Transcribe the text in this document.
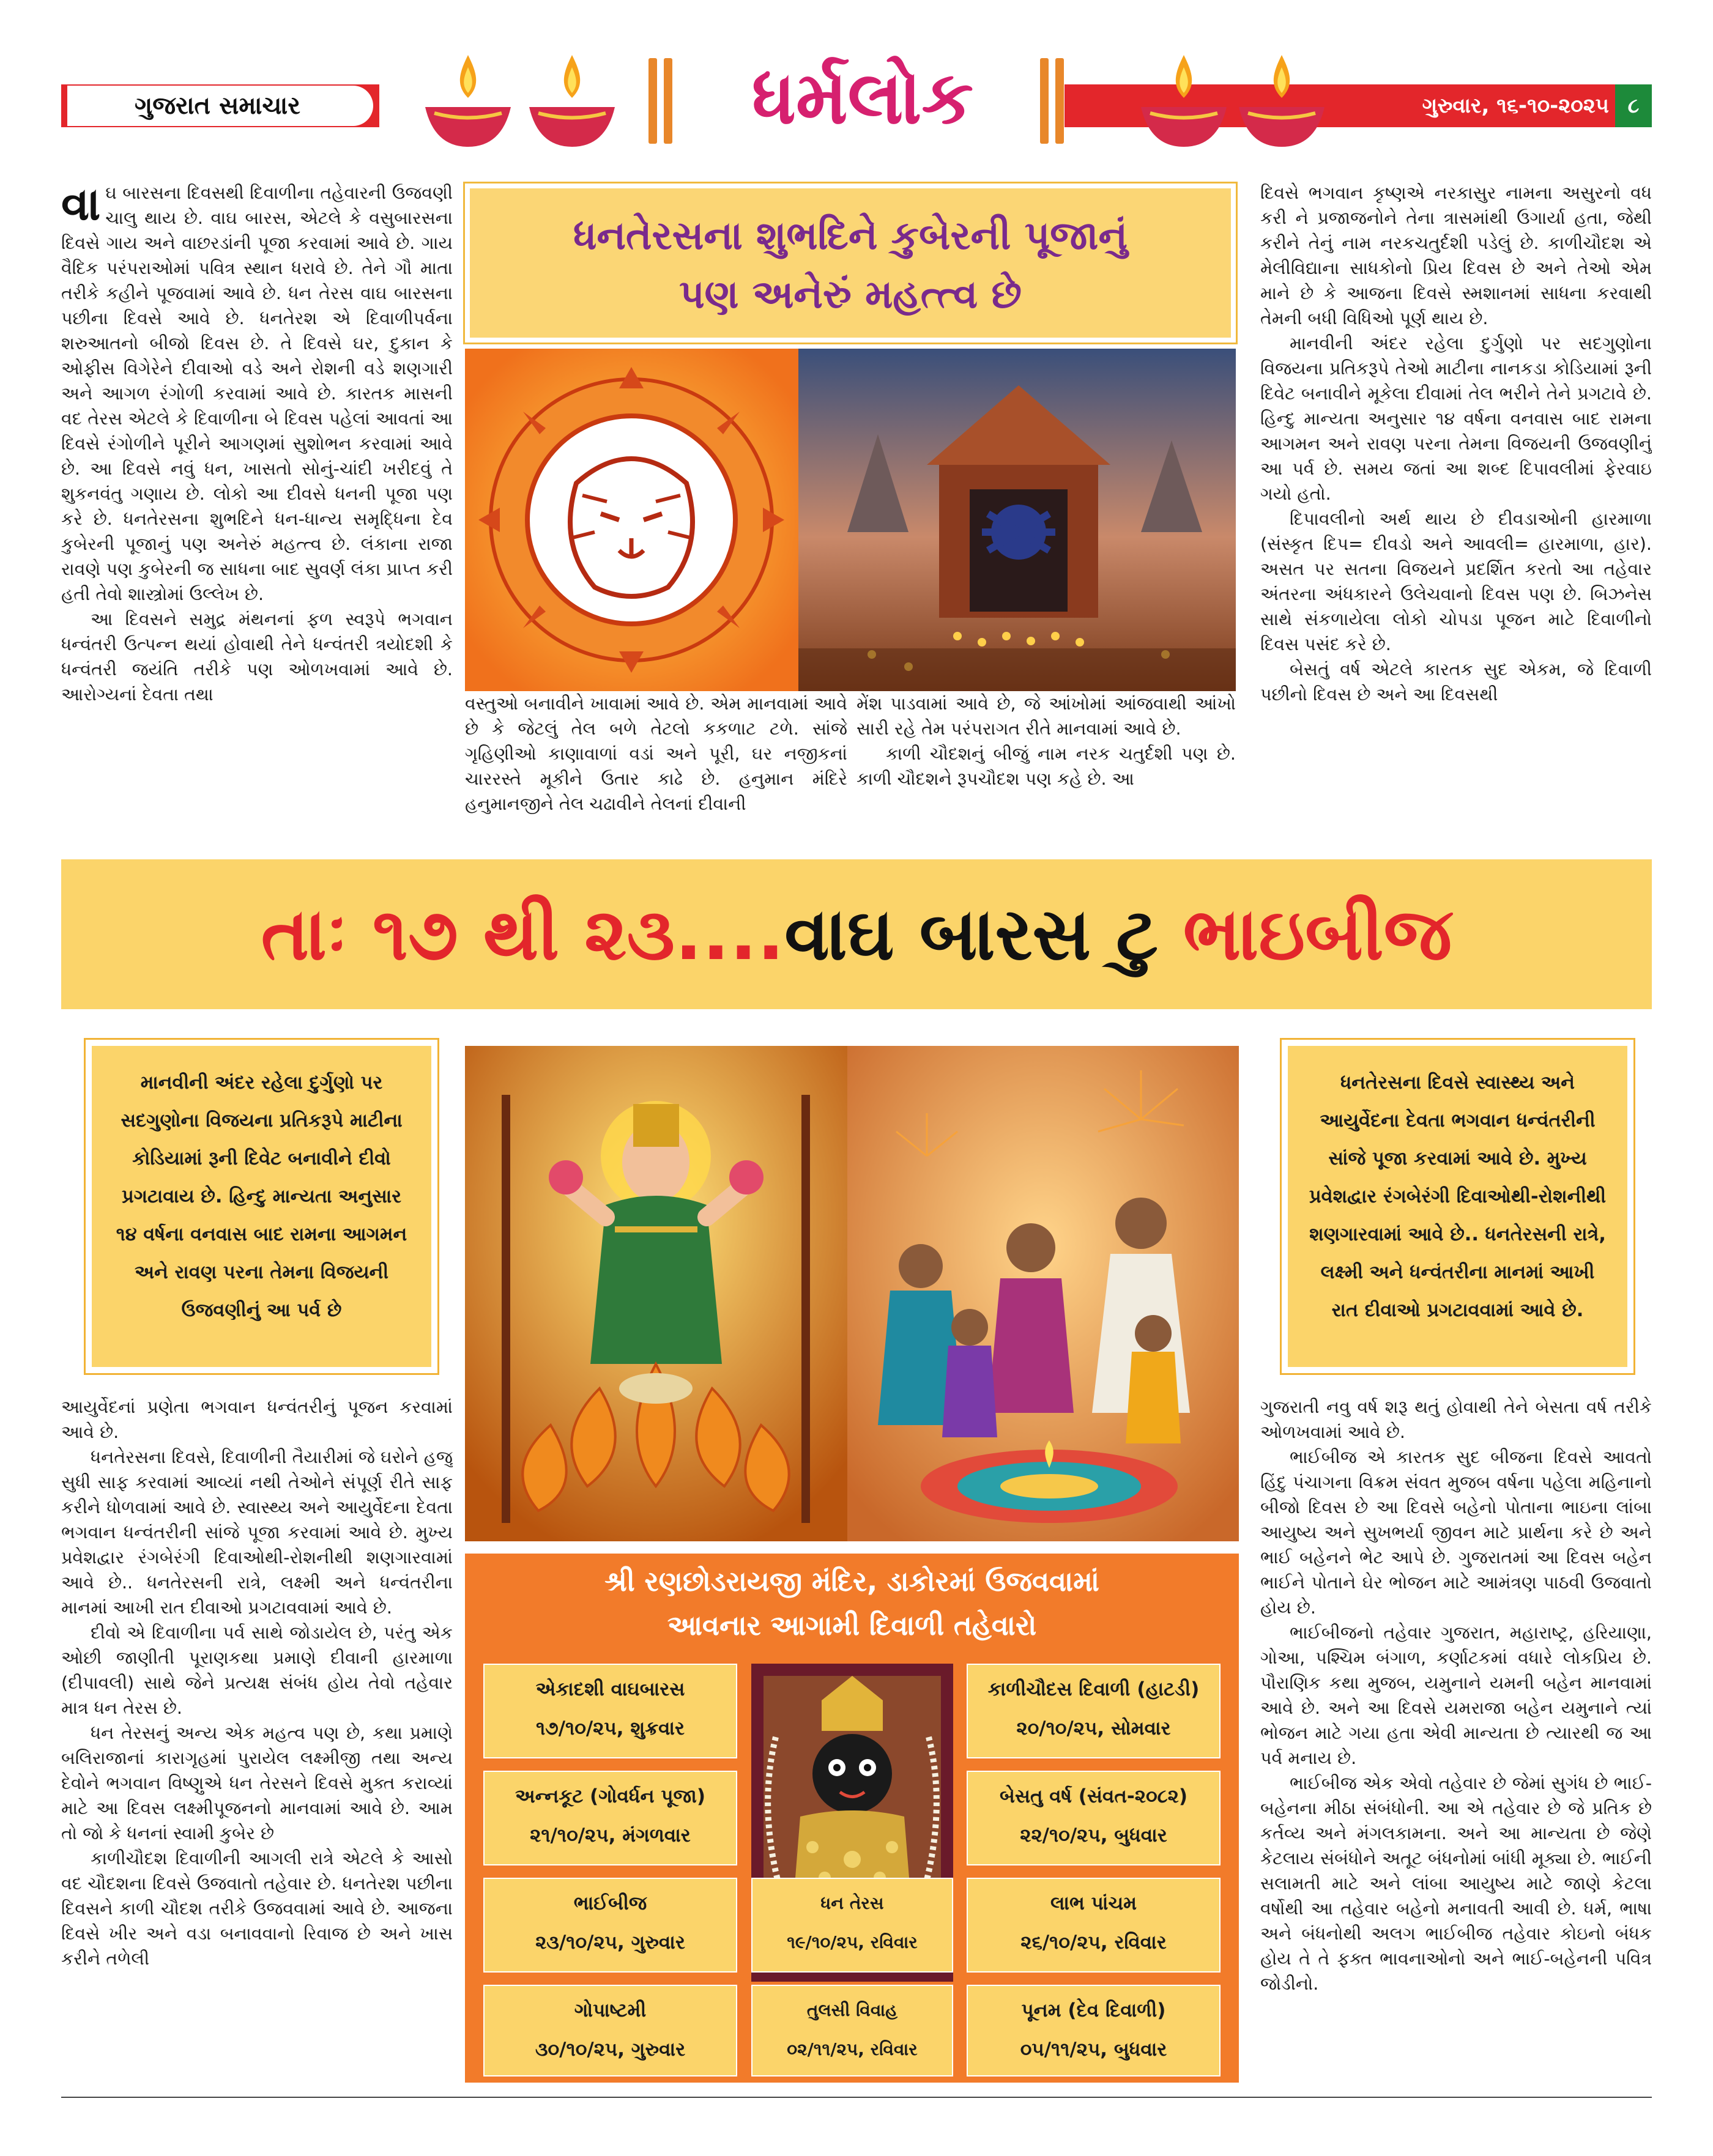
ગુજરાત સમાચાર	ધર્મલોક	ગુરુવાર, ૧૬-૧૦-૨૦૨૫ ૮

વાઘ બારસના દિવસથી દિવાળીના તહેવારની ઉજવણી ચાલુ થાય છે. વાઘ બારસ, એટલે કે વસુબારસના દિવસે ગાય અને વાછરડાંની પૂજા કરવામાં આવે છે. ગાય વૈદિક પરંપરાઓમાં પવિત્ર સ્થાન ધરાવે છે. તેને ગૌ માતા તરીકે કહીને પૂજવામાં આવે છે. ધન તેરસ વાઘ બારસના પછીના દિવસે આવે છે. ધનતેરશ એ દિવાળીપર્વના શરુઆતનો બીજો દિવસ છે. તે દિવસે ઘર, દુકાન કે ઓફીસ વિગેરેને દીવાઓ વડે અને રોશની વડે શણગારી અને આગળ રંગોળી કરવામાં આવે છે. કારતક માસની વદ તેરસ એટલે કે દિવાળીના બે દિવસ પહેલાં આવતાં આ દિવસે રંગોળીને પૂરીને આગણમાં સુશોભન કરવામાં આવે છે. આ દિવસે નવું ધન, ખાસતો સોનું-ચાંદી ખરીદવું તે શુકનવંતુ ગણાય છે. લોકો આ દીવસે ધનની પૂજા પણ કરે છે. ધનતેરસના શુભદિને ધન-ધાન્ય સમૃદ્ધિના દેવ કુબેરની પૂજાનું પણ અનેરું મહત્ત્વ છે. લંકાના રાજા રાવણે પણ કુબેરની જ સાધના બાદ સુવર્ણ લંકા પ્રાપ્ત કરી હતી તેવો શાસ્ત્રોમાં ઉલ્લેખ છે.

આ દિવસને સમુદ્ર મંથનનાં ફળ સ્વરૂપે ભગવાન ધન્વંતરી ઉત્પન્ન થયાં હોવાથી તેને ધન્વંતરી ત્રયોદશી કે ધન્વંતરી જયંતિ તરીકે પણ ઓળખવામાં આવે છે. આરોગ્યનાં દેવતા તથા

ધનતેરસના શુભદિને કુબેરની પૂજાનું
પણ અનેરું મહત્ત્વ છે

વસ્તુઓ બનાવીને ખાવામાં આવે છે. એમ માનવામાં આવે છે કે જેટલું તેલ બળે તેટલો કકળાટ ટળે. સાંજે ગૃહિણીઓ કાણાવાળાં વડાં અને પૂરી, ઘર નજીકનાં ચારરસ્તે મૂકીને ઉતાર કાઢે છે. હનુમાન મંદિરે હનુમાનજીને તેલ ચઢાવીને તેલનાં દીવાની

મેંશ પાડવામાં આવે છે, જે આંખોમાં આંજવાથી આંખો સારી રહે તેમ પરંપરાગત રીતે માનવામાં આવે છે.

કાળી ચૌદશનું બીજું નામ નરક ચતુર્દશી પણ છે. કાળી ચૌદશને રૂપચૌદશ પણ કહે છે. આ

દિવસે ભગવાન કૃષ્ણએ નરકાસુર નામના અસુરનો વધ કરી ને પ્રજાજનોને તેના ત્રાસમાંથી ઉગાર્યા હતા, જેથી કરીને તેનું નામ નરકચતુર્દશી પડેલું છે. કાળીચૌદશ એ મેલીવિદ્યાના સાધકોનો પ્રિય દિવસ છે અને તેઓ એમ માને છે કે આજના દિવસે સ્મશાનમાં સાધના કરવાથી તેમની બધી વિધિઓ પૂર્ણ થાય છે.

માનવીની અંદર રહેલા દુર્ગુણો પર સદગુણોના વિજયના પ્રતિકરૂપે તેઓ માટીના નાનકડા કોડિયામાં રૂની દિવેટ બનાવીને મૂકેલા દીવામાં તેલ ભરીને તેને પ્રગટાવે છે. હિન્દુ માન્યતા અનુસાર ૧૪ વર્ષના વનવાસ બાદ રામના આગમન અને રાવણ પરના તેમના વિજયની ઉજવણીનું આ પર્વ છે. સમય જતાં આ શબ્દ દિપાવલીમાં ફેરવાઇ ગયો હતો.

દિપાવલીનો અર્થ થાય છે દીવડાઓની હારમાળા (સંસ્કૃત દિપ= દીવડો અને આવલી= હારમાળા, હાર). અસત પર સતના વિજયને પ્રદર્શિત કરતો આ તહેવાર અંતરના અંધકારને ઉલેચવાનો દિવસ પણ છે. બિઝનેસ સાથે સંકળાયેલા લોકો ચોપડા પૂજન માટે દિવાળીનો દિવસ પસંદ કરે છે.

બેસતું વર્ષ એટલે કારતક સુદ એકમ, જે દિવાળી પછીનો દિવસ છે અને આ દિવસથી

તાઃ ૧૭ થી ૨૩....વાઘ બારસ ટુ ભાઇબીજ
માનવીની અંદર રહેલા દુર્ગુણો પર સદગુણોના વિજયના પ્રતિકરૂપે માટીના કોડિયામાં રૂની દિવેટ બનાવીને દીવો પ્રગટાવાય છે. હિન્દુ માન્યતા અનુસાર ૧૪ વર્ષના વનવાસ બાદ રામના આગમન અને રાવણ પરના તેમના વિજયની ઉજવણીનું આ પર્વ છે
ધનતેરસના દિવસે સ્વાસ્થ્ય અને આયુર્વેદના દેવતા ભગવાન ધન્વંતરીની સાંજે પૂજા કરવામાં આવે છે. મુખ્ય પ્રવેશદ્વાર રંગબેરંગી દિવાઓથી-રોશનીથી શણગારવામાં આવે છે.. ધનતેરસની રાત્રે, લક્ષ્મી અને ધન્વંતરીના માનમાં આખી રાત દીવાઓ પ્રગટાવવામાં આવે છે.

આયુર્વેદનાં પ્રણેતા ભગવાન ધન્વંતરીનું પૂજન કરવામાં આવે છે.

ધનતેરસના દિવસે, દિવાળીની તૈયારીમાં જે ઘરોને હજુ સુધી સાફ કરવામાં આવ્યાં નથી તેઓને સંપૂર્ણ રીતે સાફ કરીને ધોળવામાં આવે છે. સ્વાસ્થ્ય અને આયુર્વેદના દેવતા ભગવાન ધન્વંતરીની સાંજે પૂજા કરવામાં આવે છે. મુખ્ય પ્રવેશદ્વાર રંગબેરંગી દિવાઓથી-રોશનીથી શણગારવામાં આવે છે.. ધનતેરસની રાત્રે, લક્ષ્મી અને ધન્વંતરીના માનમાં આખી રાત દીવાઓ પ્રગટાવવામાં આવે છે.

દીવો એ દિવાળીના પર્વ સાથે જોડાયેલ છે, પરંતુ એક ઓછી જાણીતી પૂરાણકથા પ્રમાણે દીવાની હારમાળા (દીપાવલી) સાથે જેને પ્રત્યક્ષ સંબંધ હોય તેવો તહેવાર માત્ર ધન તેરસ છે.

ધન તેરસનું અન્ય એક મહત્વ પણ છે, કથા પ્રમાણે બલિરાજાનાં કારાગૃહમાં પુરાયેલ લક્ષ્મીજી તથા અન્ય દેવોને ભગવાન વિષ્ણુએ ધન તેરસને દિવસે મુક્ત કરાવ્યાં માટે આ દિવસ લક્ષ્મીપૂજનનો માનવામાં આવે છે. આમ તો જો કે ધનનાં સ્વામી કુબેર છે

કાળીચૌદશ દિવાળીની આગલી રાત્રે એટલે કે આસો વદ ચૌદશના દિવસે ઉજવાતો તહેવાર છે. ધનતેરશ પછીના દિવસને કાળી ચૌદશ તરીકે ઉજવવામાં આવે છે. આજના દિવસે ખીર અને વડા બનાવવાનો રિવાજ છે અને ખાસ કરીને તળેલી

ગુજરાતી નવુ વર્ષ શરૂ થતું હોવાથી તેને બેસતા વર્ષ તરીકે ઓળખવામાં આવે છે.

ભાઈબીજ એ કારતક સુદ બીજના દિવસે આવતો હિંદુ પંચાગના વિક્રમ સંવત મુજબ વર્ષના પહેલા મહિનાનો બીજો દિવસ છે આ દિવસે બહેનો પોતાના ભાઇના લાંબા આયુષ્ય અને સુખભર્યા જીવન માટે પ્રાર્થના કરે છે અને ભાઈ બહેનને ભેટ આપે છે. ગુજરાતમાં આ દિવસ બહેન ભાઈને પોતાને ઘેર ભોજન માટે આમંત્રણ પાઠવી ઉજવાતો હોય છે.

ભાઈબીજનો તહેવાર ગુજરાત, મહારાષ્ટ્ર, હરિયાણા, ગોઆ, પશ્ચિમ બંગાળ, કર્ણાટકમાં વધારે લોકપ્રિય છે. પૌરાણિક કથા મુજબ, યમુનાને યમની બહેન માનવામાં આવે છે. અને આ દિવસે યમરાજા બહેન યમુનાને ત્યાં ભોજન માટે ગયા હતા એવી માન્યતા છે ત્યારથી જ આ પર્વ મનાય છે.

ભાઈબીજ એક એવો તહેવાર છે જેમાં સુગંધ છે ભાઈ-બહેનના મીઠા સંબંધોની. આ એ તહેવાર છે જે પ્રતિક છે કર્તવ્ય અને મંગલકામના. અને આ માન્યતા છે જેણે કેટલાય સંબંધોને અતૂટ બંધનોમાં બાંધી મૂક્યા છે. ભાઈની સલામતી માટે અને લાંબા આયુષ્ય માટે જાણે કેટલા વર્ષોથી આ તહેવાર બહેનો મનાવતી આવી છે. ધર્મ, ભાષા અને બંધનોથી અલગ ભાઈબીજ તહેવાર કોઇનો બંધક હોય તે તે ફક્ત ભાવનાઓનો અને ભાઈ-બહેનની પવિત્ર જોડીનો.

શ્રી રણછોડરાયજી મંદિર, ડાકોરમાં ઉજવવામાં
આવનાર આગામી દિવાળી તહેવારો
એકાદશી વાઘબારસ
૧૭/૧૦/૨૫, શુક્રવાર
કાળીચૌદસ દિવાળી (હાટડી)
૨૦/૧૦/૨૫, સોમવાર
અન્નકૂટ (ગોવર્ધન પૂજા)
૨૧/૧૦/૨૫, મંગળવાર
બેસતુ વર્ષ (સંવત-૨૦૮૨)
૨૨/૧૦/૨૫, બુધવાર
ભાઈબીજ
૨૩/૧૦/૨૫, ગુરુવાર
ધન તેરસ
૧૯/૧૦/૨૫, રવિવાર
લાભ પાંચમ
૨૬/૧૦/૨૫, રવિવાર
ગોપાષ્ટમી
૩૦/૧૦/૨૫, ગુરુવાર
તુલસી વિવાહ
૦૨/૧૧/૨૫, રવિવાર
પૂનમ (દેવ દિવાળી)
૦૫/૧૧/૨૫, બુધવાર
